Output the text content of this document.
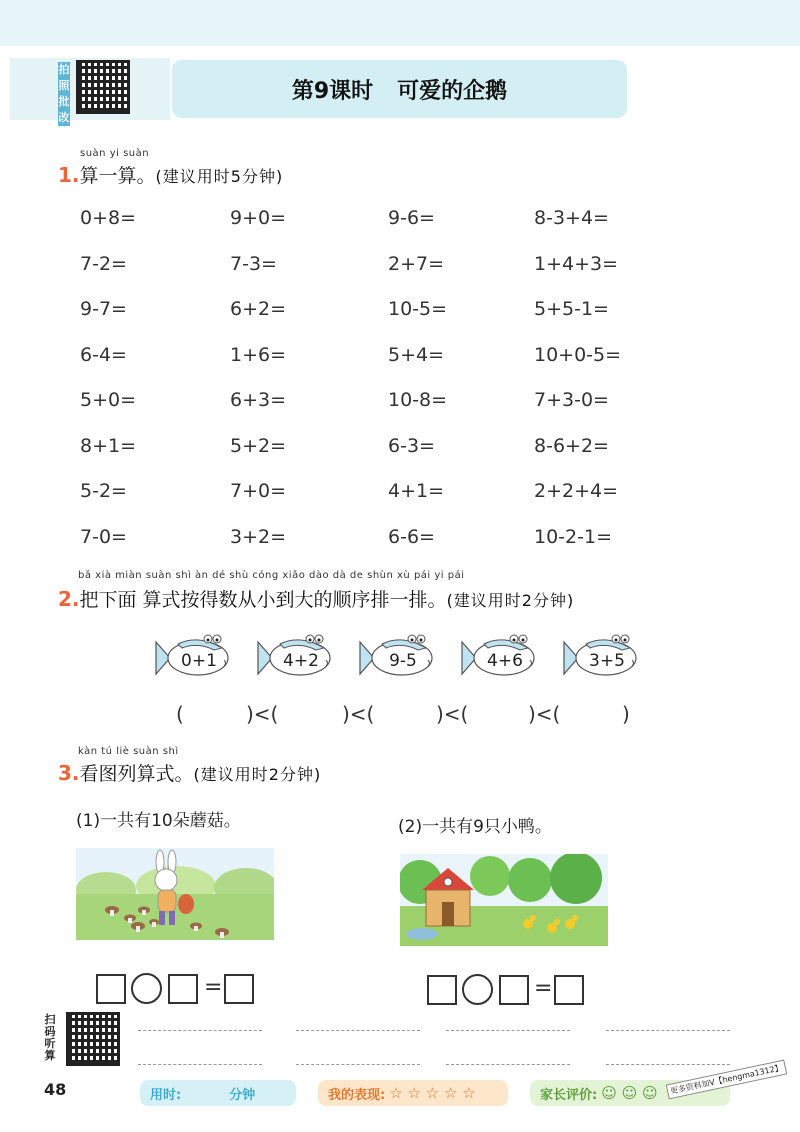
拍
照
批
改
第9课时 可爱的企鹅
suàn yi suàn
1.算一算。(建议用时5分钟)
0+8=	9+0=	9-6=	8-3+4=
7-2=	7-3=	2+7=	1+4+3=
9-7=	6+2=	10-5=	5+5-1=
6-4=	1+6=	5+4=	10+0-5=
5+0=	6+3=	10-8=	7+3-0=
8+1=	5+2=	6-3=	8-6+2=
5-2=	7+0=	4+1=	2+2+4=
7-0=	3+2=	6-6=	10-2-1=
bǎ xià miàn suàn shì àn dé shù cóng xiǎo dào dà de shùn xù pái yi pái
2.把下面 算式按得数从小到大的顺序排一排。(建议用时2分钟)
0+1	4+2	9-5	4+6	3+5
(	)<(	)<(	)<(	)<(	)
kàn tú liè suàn shì
3.看图列算式。(建议用时2分钟)
(1)一共有10朵蘑菇。	(2)一共有9只小鸭。
=	=
扫
码
听
算
48	用时:	分钟	我的表现: ☆ ☆ ☆ ☆ ☆	家长评价: ☺ ☺ ☺	更多资料加V【hengma1312】
